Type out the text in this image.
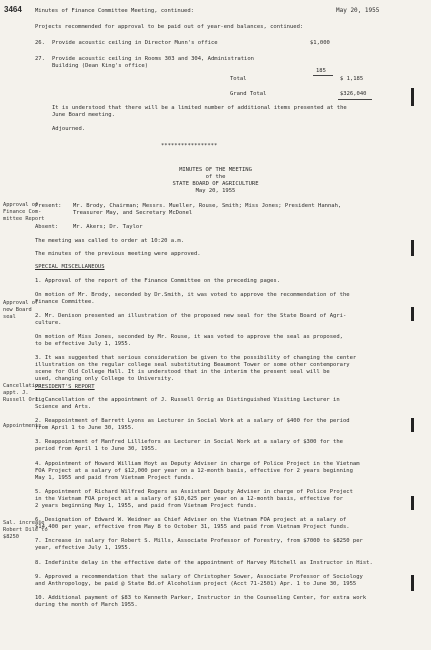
3464 Minutes of Finance Committee Meeting, continued:	May 20, 1955
Projects recommended for approval to be paid out of year-end balances, continued:
26. Provide acoustic ceiling in Director Munn's office	$1,000
27. Provide acoustic ceiling in Rooms 303 and 304, Administration
Building (Dean King's office)
185
Total	$ 1,185
Grand Total	$326,040
It is understood that there will be a limited number of additional items presented at the
June Board meeting.
Adjourned.
*****************
MINUTES OF THE MEETING
of the
STATE BOARD OF AGRICULTURE
May 20, 1955
Approval of
Finance Com-
mittee Report
Present: Mr. Brody, Chairman; Messrs. Mueller, Rouse, Smith; Miss Jones; President Hannah,
Treasurer May, and Secretary McDonel
Absent:	Mr. Akers; Dr. Taylor
The meeting was called to order at 10:20 a.m.
The minutes of the previous meeting were approved.
SPECIAL MISCELLANEOUS
1. Approval of the report of the Finance Committee on the preceding pages.
On motion of Mr. Brody, seconded by Dr.Smith, it was voted to approve the recommendation of the
Finance Committee.
Approval of
new Board
seal	2. Mr. Denison presented an illustration of the proposed new seal for the State Board of Agri-
culture.
On motion of Miss Jones, seconded by Mr. Rouse, it was voted to approve the seal as proposed,
to be effective July 1, 1955.
3. It was suggested that serious consideration be given to the possibility of changing the center
illustration on the regular college seal substituting Beaumont Tower or some other contemporary
scene for Old College Hall. It is understood that in the interim the present seal will be
used, changing only College to University.
Cancellation
appt. J.
Russell Orrig
PRESIDENT'S REPORT
1. Cancellation of the appointment of J. Russell Orrig as Distinguished Visiting Lecturer in
Science and Arts.
Appointments
2. Reappointment of Barrett Lyons as Lecturer in Social Work at a salary of $400 for the period
from April 1 to June 30, 1955.
3. Reappointment of Manfred Lilliefors as Lecturer in Social Work at a salary of $300 for the
period from April 1 to June 30, 1955.
4. Appointment of Howard William Hoyt as Deputy Adviser in charge of Police Project in the Vietnam
FOA Project at a salary of $12,000 per year on a 12-month basis, effective for 2 years beginning
May 1, 1955 and paid from Vietnam Project funds.
5. Appointment of Richard Wilfred Rogers as Assistant Deputy Adviser in charge of Police Project
in the Vietnam FOA project at a salary of $10,625 per year on a 12-month basis, effective for
2 years beginning May 1, 1955, and paid from Vietnam Project funds.
6. Designation of Edward W. Weidner as Chief Adviser on the Vietnam FOA project at a salary of
$14,400 per year, effective from May 8 to October 31, 1955 and paid from Vietnam Project funds.
Sal. increase
Robert Dile to
$8250
7. Increase in salary for Robert S. Mills, Associate Professor of Forestry, from $7000 to $8250 per
year, effective July 1, 1955.
8. Indefinite delay in the effective date of the appointment of Harvey Mitchell as Instructor in Hist.
9. Approved a recommendation that the salary of Christopher Sower, Associate Professor of Sociology
and Anthropology, be paid @ State Bd.of Alcoholism project (Acct 71-2501) Apr. 1 to June 30, 1955
10. Additional payment of $83 to Kenneth Parker, Instructor in the Counseling Center, for extra work
during the month of March 1955.
